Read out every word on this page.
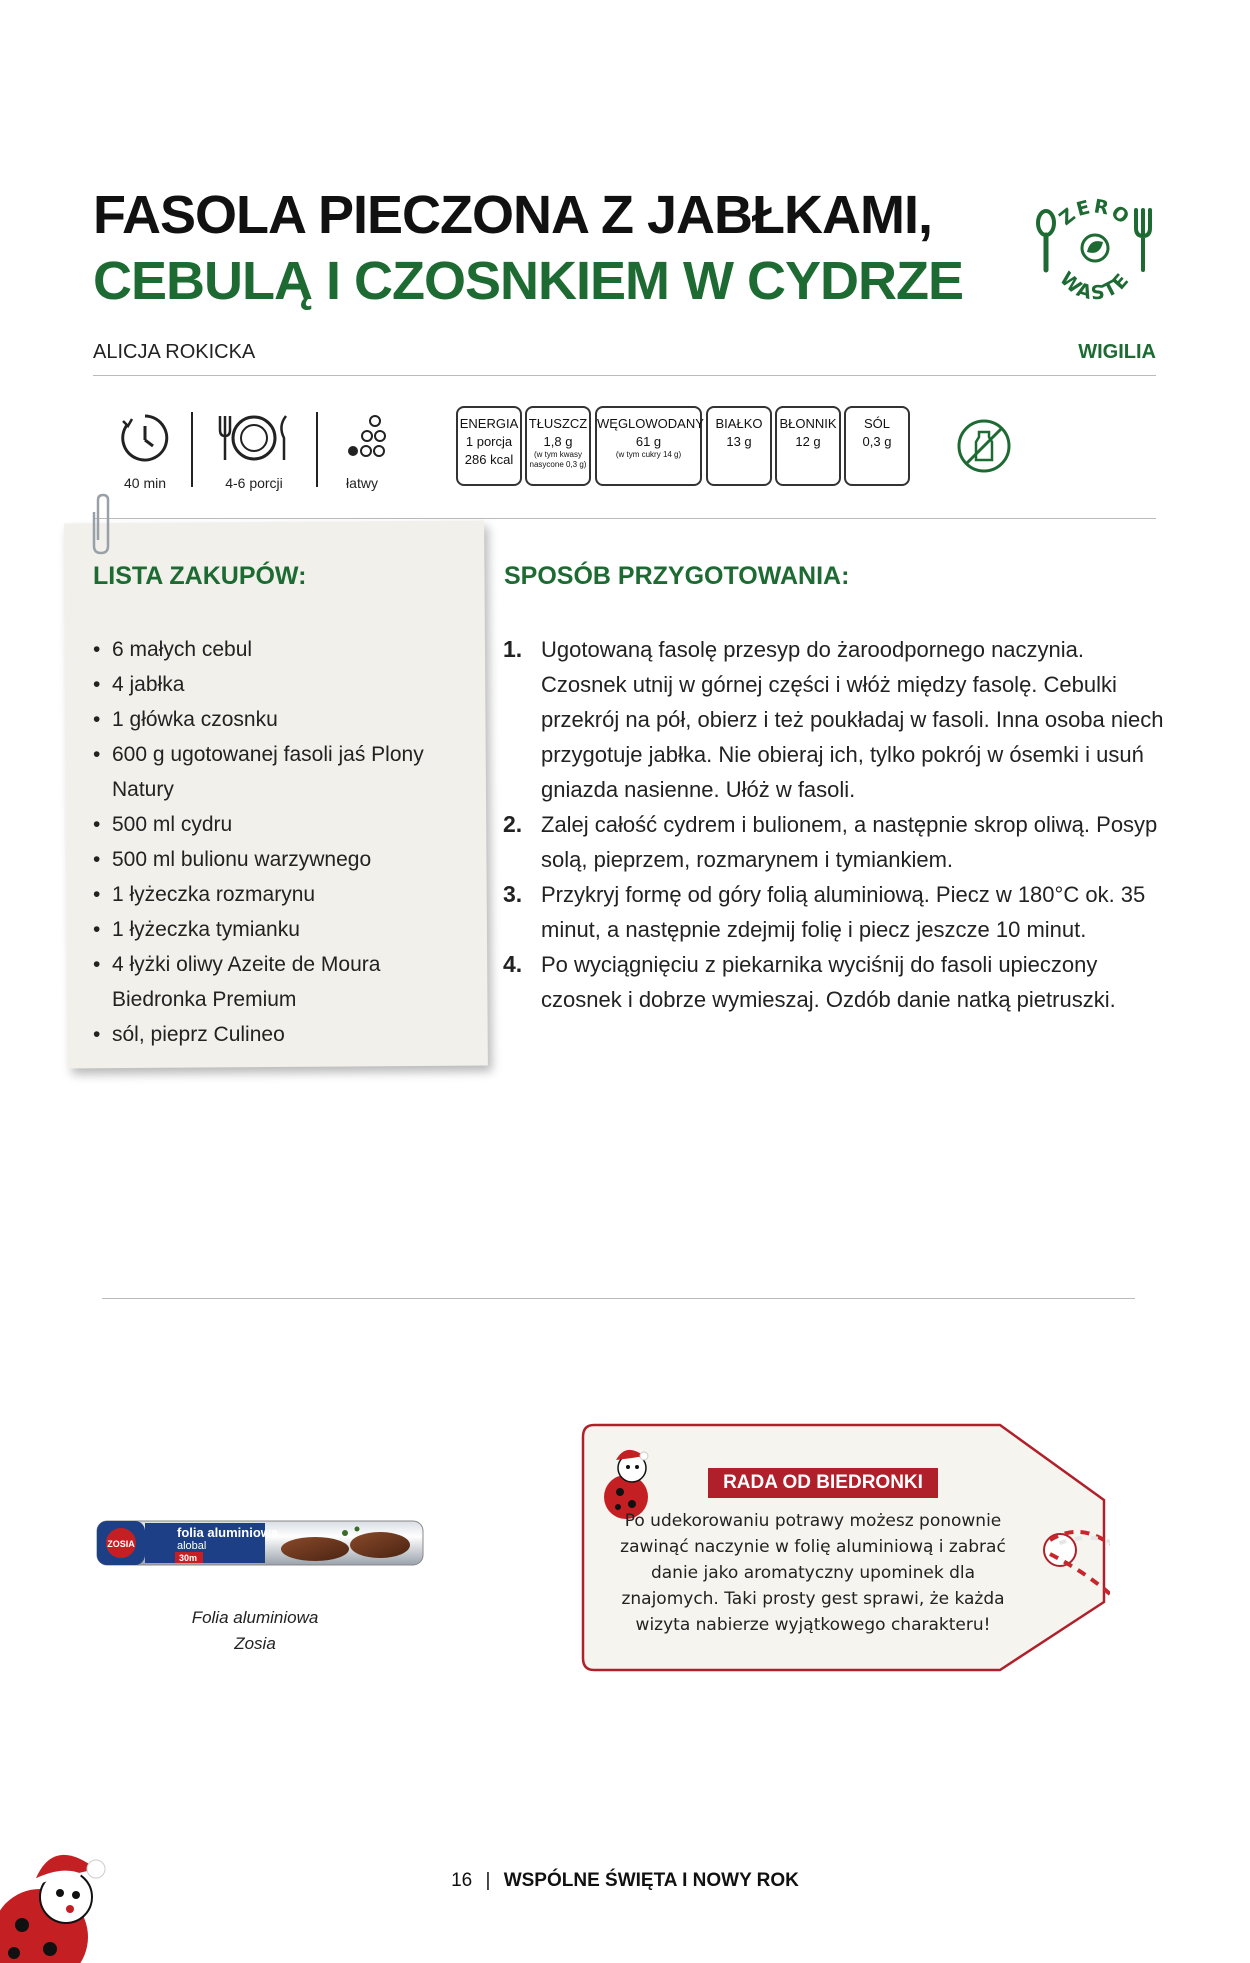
FASOLA PIECZONA Z JABŁKAMI,
CEBULĄ I CZOSNKIEM W CYDRZE
ZERO
WASTE
ALICJA ROKICKA	WIGILIA
40 min	4-6 porcji	łatwy
ENERGIA
1 porcja
286 kcal
TŁUSZCZ
1,8 g
(w tym kwasy
nasycone 0,3 g)
WĘGLOWODANY
61 g
(w tym cukry 14 g)
BIAŁKO
13 g
BŁONNIK
12 g
SÓL
0,3 g
LISTA ZAKUPÓW:
• 6 małych cebul
• 4 jabłka
• 1 główka czosnku
• 600 g ugotowanej fasoli jaś Plony Natury
• 500 ml cydru
• 500 ml bulionu warzywnego
• 1 łyżeczka rozmarynu
• 1 łyżeczka tymianku
• 4 łyżki oliwy Azeite de Moura Biedronka Premium
• sól, pieprz Culineo
SPOSÓB PRZYGOTOWANIA:
1. Ugotowaną fasolę przesyp do żaroodpornego naczynia. Czosnek utnij w górnej części i włóż między fasolę. Cebulki przekrój na pół, obierz i też poukładaj w fasoli. Inna osoba niech przygotuje jabłka. Nie obieraj ich, tylko pokrój w ósemki i usuń gniazda nasienne. Ułóż w fasoli.
2. Zalej całość cydrem i bulionem, a następnie skrop oliwą. Posyp solą, pieprzem, rozmarynem i tymiankiem.
3. Przykryj formę od góry folią aluminiową. Piecz w 180°C ok. 35 minut, a następnie zdejmij folię i piecz jeszcze 10 minut.
4. Po wyciągnięciu z piekarnika wyciśnij do fasoli upieczony czosnek i dobrze wymieszaj. Ozdób danie natką pietruszki.
ZOSIA
folia aluminiowa
alobal
30m
Folia aluminiowa
Zosia
RADA OD BIEDRONKI
Po udekorowaniu potrawy możesz ponownie zawinąć naczynie w folię aluminiową i zabrać danie jako aromatyczny upominek dla znajomych. Taki prosty gest sprawi, że każda wizyta nabierze wyjątkowego charakteru!
16 | WSPÓLNE ŚWIĘTA I NOWY ROK
